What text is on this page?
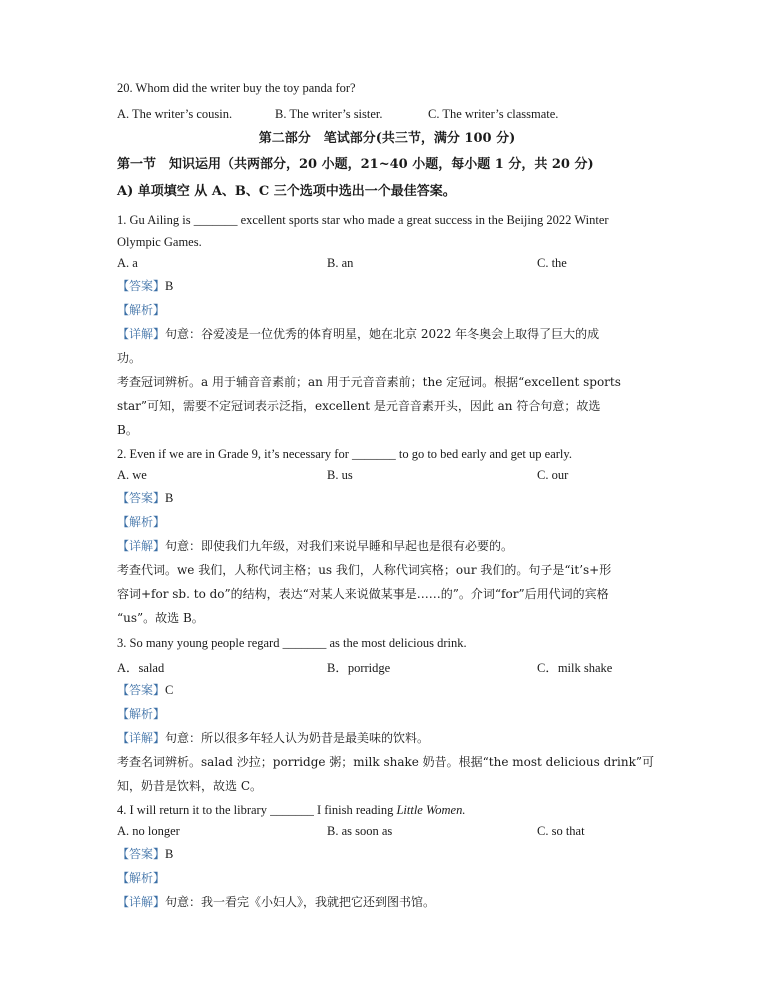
20. Whom did the writer buy the toy panda for?
A. The writer’s cousin.	B. The writer’s sister.	C. The writer’s classmate.
第二部分　笔试部分(共三节，满分 100 分)
第一节　知识运用（共两部分，20 小题，21~40 小题，每小题 1 分，共 20 分)
A) 单项填空 从 A、B、C 三个选项中选出一个最佳答案。
1. Gu Ailing is _______ excellent sports star who made a great success in the Beijing 2022 Winter
Olympic Games.
A. a	B. an	C. the
【答案】B
【解析】
【详解】句意：谷爱凌是一位优秀的体育明星，她在北京 2022 年冬奥会上取得了巨大的成
功。
考查冠词辨析。a 用于辅音音素前；an 用于元音音素前；the 定冠词。根据“excellent sports
star”可知，需要不定冠词表示泛指，excellent 是元音音素开头，因此 an 符合句意；故选
B。
2. Even if we are in Grade 9, it’s necessary for _______ to go to bed early and get up early.
A. we	B. us	C. our
【答案】B
【解析】
【详解】句意：即使我们九年级，对我们来说早睡和早起也是很有必要的。
考查代词。we 我们，人称代词主格；us 我们，人称代词宾格；our 我们的。句子是“it’s+形
容词+for sb. to do”的结构，表达“对某人来说做某事是……的”。介词“for”后用代词的宾格
“us”。故选 B。
3. So many young people regard _______ as the most delicious drink.
A．salad	B．porridge	C．milk shake
【答案】C
【解析】
【详解】句意：所以很多年轻人认为奶昔是最美味的饮料。
考查名词辨析。salad 沙拉；porridge 粥；milk shake 奶昔。根据“the most delicious drink”可
知，奶昔是饮料，故选 C。
4. I will return it to the library _______ I finish reading Little Women.
A. no longer	B. as soon as	C. so that
【答案】B
【解析】
【详解】句意：我一看完《小妇人》，我就把它还到图书馆。
